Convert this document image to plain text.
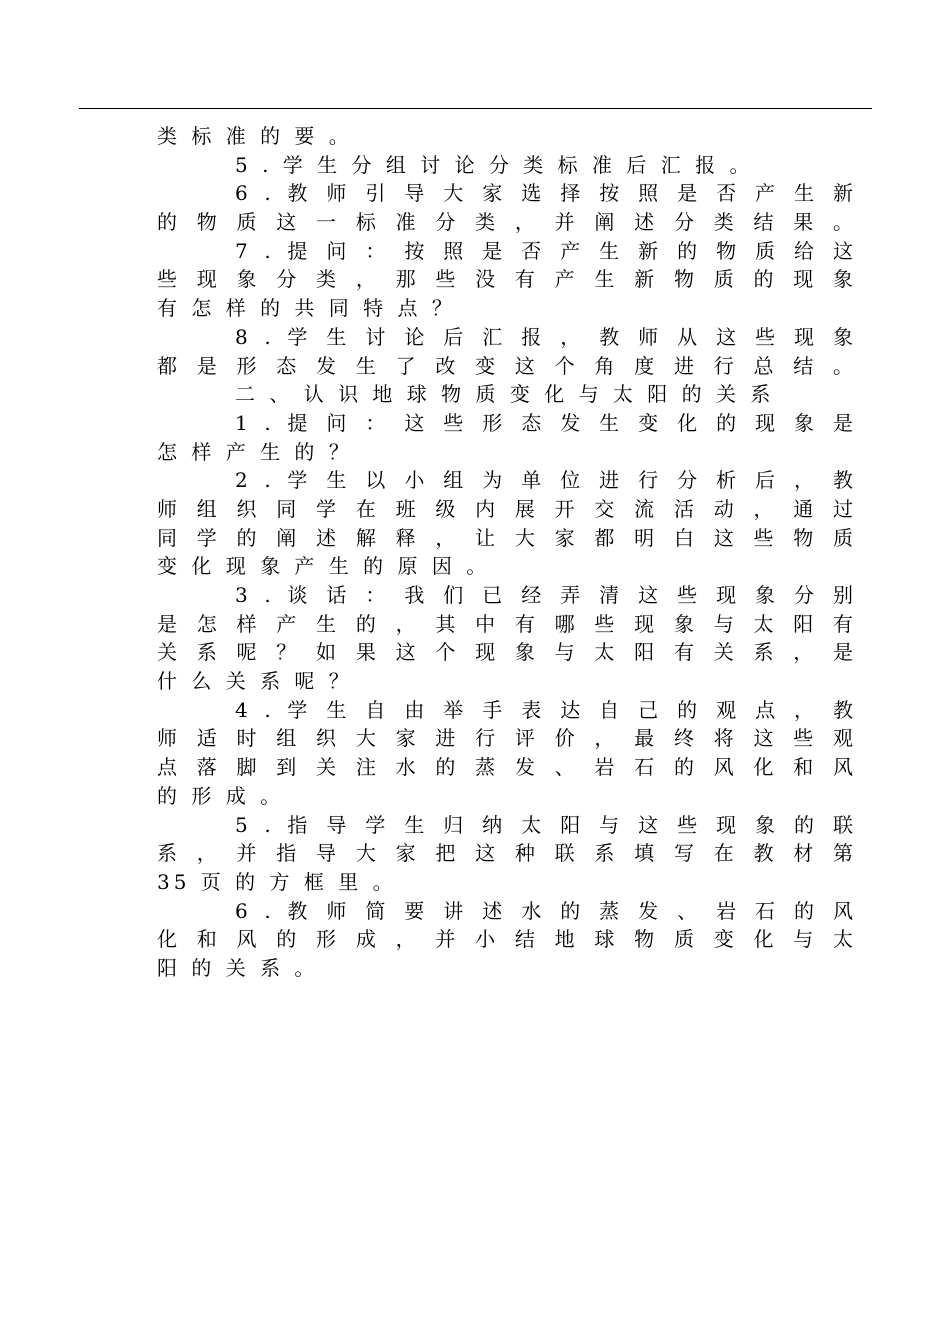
类 标 准 的 要 。
5 . 学 生 分 组 讨 论 分 类 标 准 后 汇 报 。
6 . 教 师 引 导 大 家 选 择 按 照 是 否 产 生 新
的 物 质 这 一 标 准 分 类 ， 并 阐 述 分 类 结 果 。
7 . 提 问 ： 按 照 是 否 产 生 新 的 物 质 给 这
些 现 象 分 类 ， 那 些 没 有 产 生 新 物 质 的 现 象
有 怎 样 的 共 同 特 点 ？
8 . 学 生 讨 论 后 汇 报 ， 教 师 从 这 些 现 象
都 是 形 态 发 生 了 改 变 这 个 角 度 进 行 总 结 。
二 、 认 识 地 球 物 质 变 化 与 太 阳 的 关 系
1 . 提 问 ： 这 些 形 态 发 生 变 化 的 现 象 是
怎 样 产 生 的 ？
2 . 学 生 以 小 组 为 单 位 进 行 分 析 后 ， 教
师 组 织 同 学 在 班 级 内 展 开 交 流 活 动 ， 通 过
同 学 的 阐 述 解 释 ， 让 大 家 都 明 白 这 些 物 质
变 化 现 象 产 生 的 原 因 。
3 . 谈 话 ： 我 们 已 经 弄 清 这 些 现 象 分 别
是 怎 样 产 生 的 ， 其 中 有 哪 些 现 象 与 太 阳 有
关 系 呢 ？ 如 果 这 个 现 象 与 太 阳 有 关 系 ， 是
什 么 关 系 呢 ？
4 . 学 生 自 由 举 手 表 达 自 己 的 观 点 ， 教
师 适 时 组 织 大 家 进 行 评 价 ， 最 终 将 这 些 观
点 落 脚 到 关 注 水 的 蒸 发 、 岩 石 的 风 化 和 风
的 形 成 。
5 . 指 导 学 生 归 纳 太 阳 与 这 些 现 象 的 联
系 ， 并 指 导 大 家 把 这 种 联 系 填 写 在 教 材 第
35 页 的 方 框 里 。
6 . 教 师 简 要 讲 述 水 的 蒸 发 、 岩 石 的 风
化 和 风 的 形 成 ， 并 小 结 地 球 物 质 变 化 与 太
阳 的 关 系 。
